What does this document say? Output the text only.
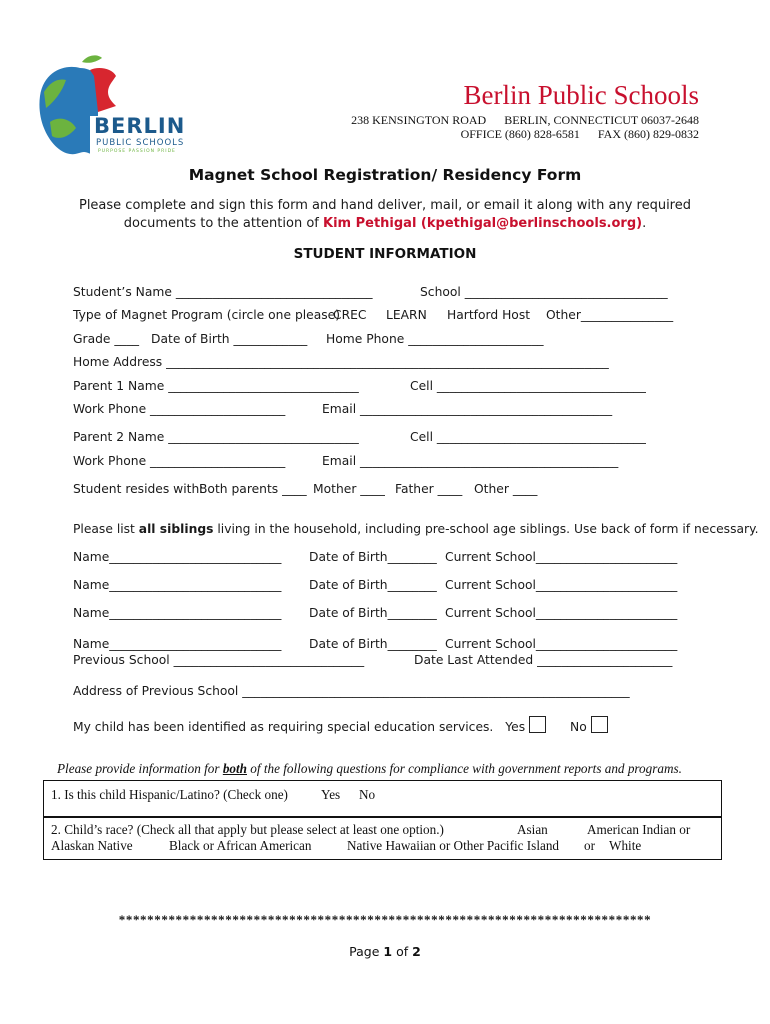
BERLIN
PUBLIC SCHOOLS
PURPOSE PASSION PRIDE
Berlin Public Schools
238 KENSINGTON ROAD      BERLIN, CONNECTICUT 06037-2648
OFFICE (860) 828-6581      FAX (860) 829-0832
Magnet School Registration/ Residency Form
Please complete and sign this form and hand deliver, mail, or email it along with any required
documents to the attention of Kim Pethigal (kpethigal@berlinschools.org).
STUDENT INFORMATION
Student’s Name ________________________________	School _________________________________
Type of Magnet Program (circle one please)
CREC LEARN Hartford Host Other_______________
Grade ____ Date of Birth ____________ Home Phone ______________________
Home Address ________________________________________________________________________
Parent 1 Name _______________________________	Cell __________________________________
Work Phone ______________________	Email _________________________________________
Parent 2 Name _______________________________	Cell __________________________________
Work Phone ______________________	Email __________________________________________
Student resides with:
Both parents ____ Mother ____ Father ____ Other ____
Please list all siblings living in the household, including pre-school age siblings. Use back of form if necessary.
Name____________________________ Date of Birth________ Current School_______________________
Name____________________________ Date of Birth________ Current School_______________________
Name____________________________ Date of Birth________ Current School_______________________
Name____________________________ Date of Birth________ Current School_______________________
Previous School _______________________________	Date Last Attended ______________________
Address of Previous School _______________________________________________________________
My child has been identified as requiring special education services. Yes	No
Please provide information for both of the following questions for compliance with government reports and programs.
1. Is this child Hispanic/Latino? (Check one)	Yes No
2. Child’s race? (Check all that apply but please select at least one option.)	Asian	American Indian or
Alaskan Native	Black or African American	Native Hawaiian or Other Pacific Island or White
***************************************************************************
Page 1 of 2
